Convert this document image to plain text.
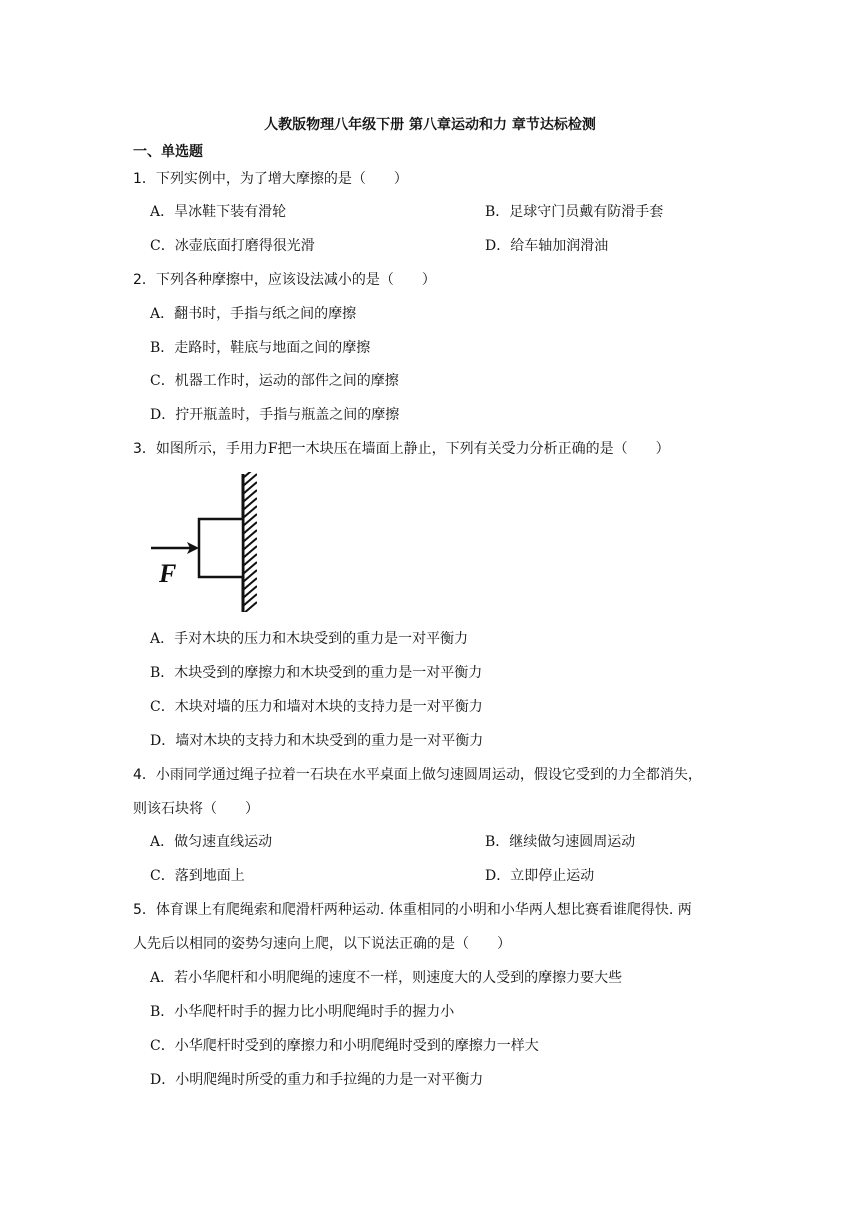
人教版物理八年级下册 第八章运动和力 章节达标检测
一、单选题
1．下列实例中，为了增大摩擦的是（　　）
A．旱冰鞋下装有滑轮	B．足球守门员戴有防滑手套
C．冰壶底面打磨得很光滑	D．给车轴加润滑油
2．下列各种摩擦中，应该设法减小的是（　　）
A．翻书时，手指与纸之间的摩擦
B．走路时，鞋底与地面之间的摩擦
C．机器工作时，运动的部件之间的摩擦
D．拧开瓶盖时，手指与瓶盖之间的摩擦
3．如图所示，手用力F把一木块压在墙面上静止，下列有关受力分析正确的是（　　）
F
A．手对木块的压力和木块受到的重力是一对平衡力
B．木块受到的摩擦力和木块受到的重力是一对平衡力
C．木块对墙的压力和墙对木块的支持力是一对平衡力
D．墙对木块的支持力和木块受到的重力是一对平衡力
4．小雨同学通过绳子拉着一石块在水平桌面上做匀速圆周运动，假设它受到的力全都消失，
则该石块将（　　）
A．做匀速直线运动	B．继续做匀速圆周运动
C．落到地面上	D．立即停止运动
5．体育课上有爬绳索和爬滑杆两种运动. 体重相同的小明和小华两人想比赛看谁爬得快. 两
人先后以相同的姿势匀速向上爬，以下说法正确的是（　　）
A．若小华爬杆和小明爬绳的速度不一样，则速度大的人受到的摩擦力要大些
B．小华爬杆时手的握力比小明爬绳时手的握力小
C．小华爬杆时受到的摩擦力和小明爬绳时受到的摩擦力一样大
D．小明爬绳时所受的重力和手拉绳的力是一对平衡力
